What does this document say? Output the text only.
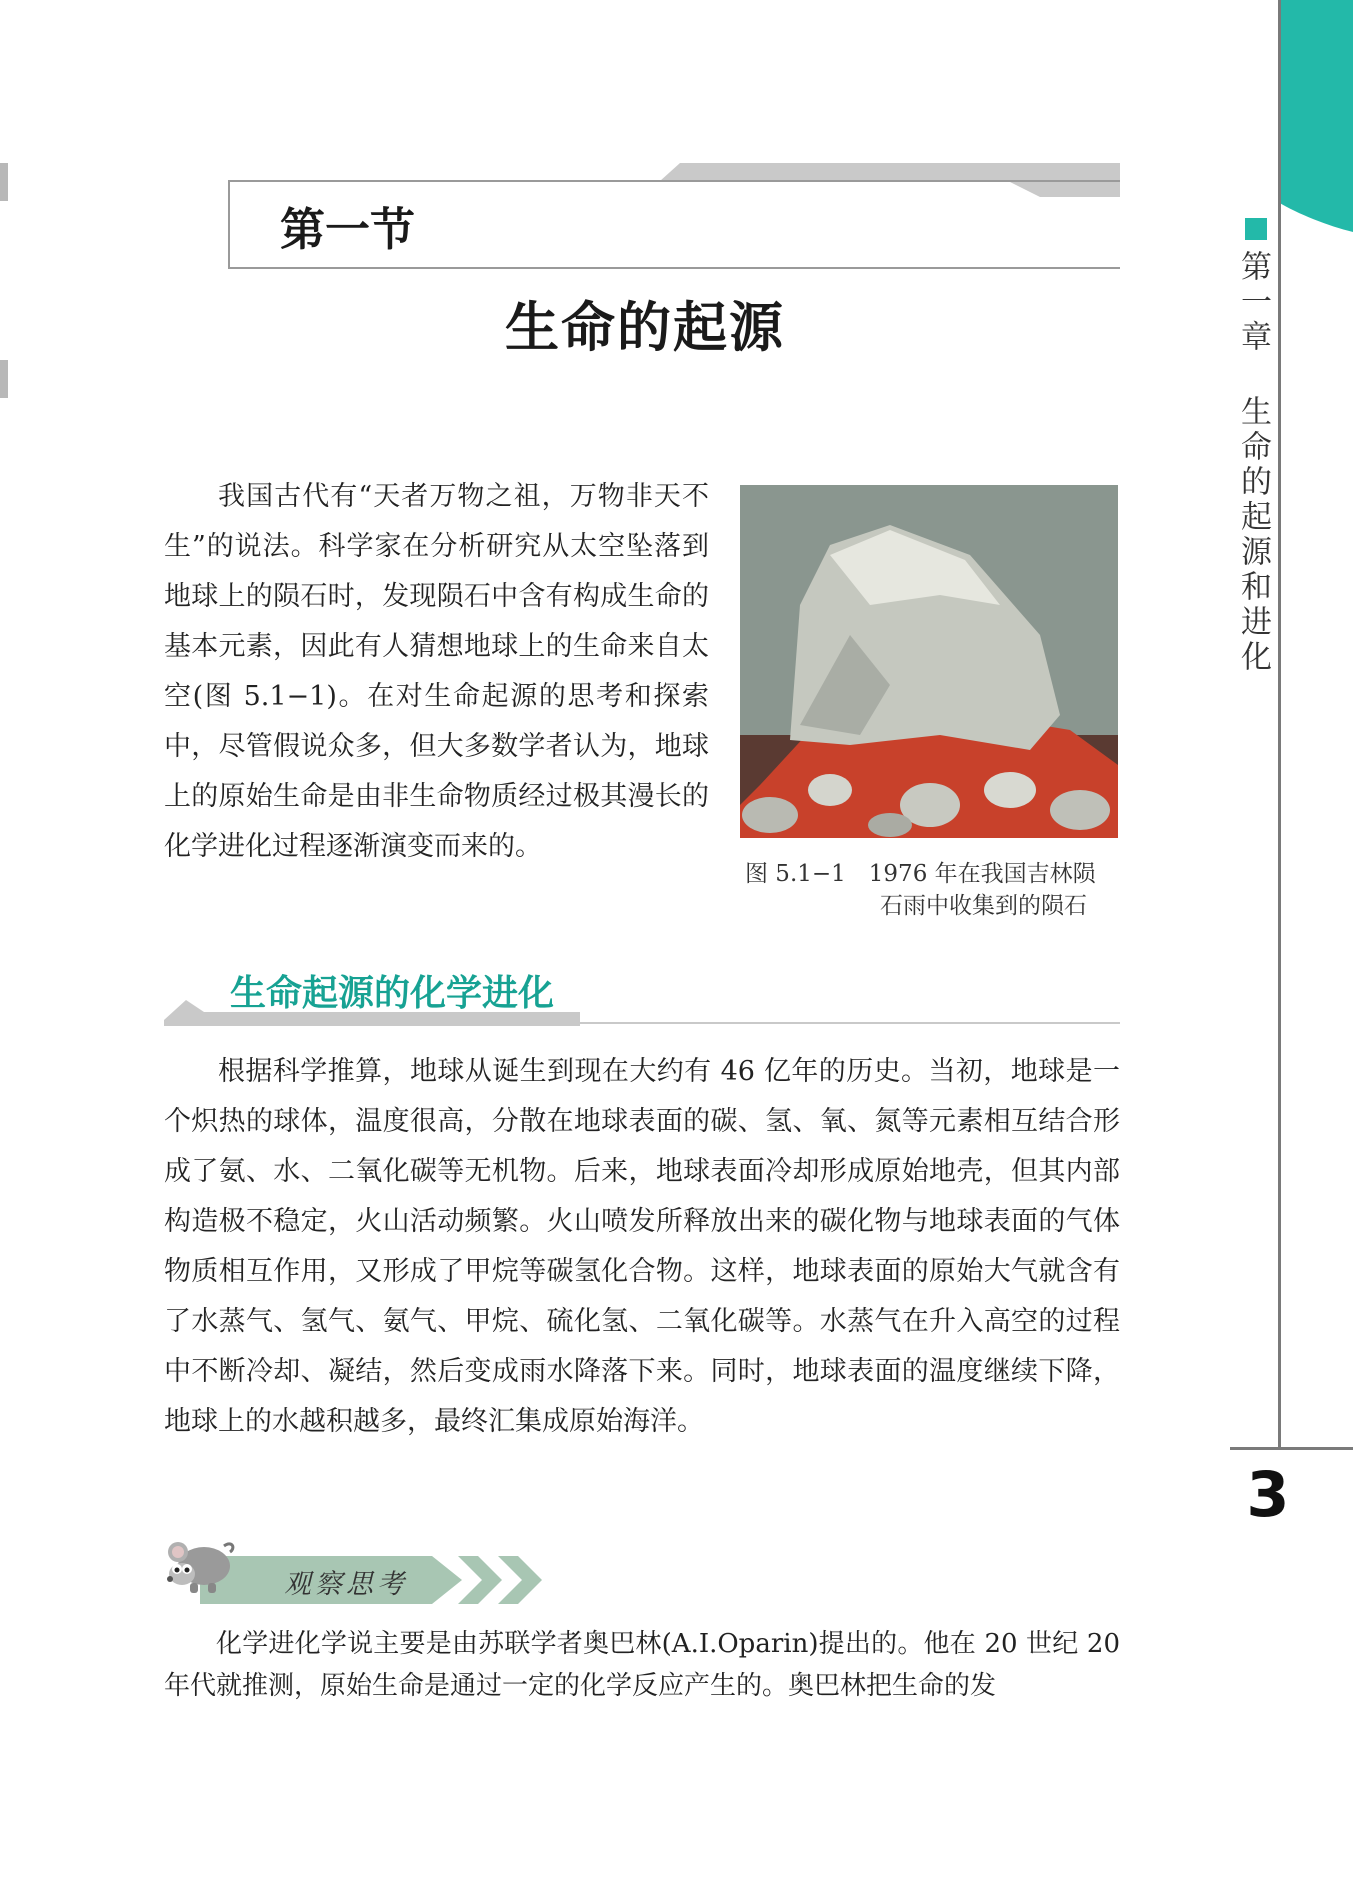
第一章 生命的起源和进化
3
第一节
生命的起源

我国古代有“天者万物之祖，万物非天不生”的说法。科学家在分析研究从太空坠落到地球上的陨石时，发现陨石中含有构成生命的基本元素，因此有人猜想地球上的生命来自太空(图 5.1−1)。在对生命起源的思考和探索中，尽管假说众多，但大多数学者认为，地球上的原始生命是由非生命物质经过极其漫长的化学进化过程逐渐演变而来的。

图 5.1−1　1976 年在我国吉林陨
石雨中收集到的陨石
生命起源的化学进化

根据科学推算，地球从诞生到现在大约有 46 亿年的历史。当初，地球是一个炽热的球体，温度很高，分散在地球表面的碳、氢、氧、氮等元素相互结合形成了氨、水、二氧化碳等无机物。后来，地球表面冷却形成原始地壳，但其内部构造极不稳定，火山活动频繁。火山喷发所释放出来的碳化物与地球表面的气体物质相互作用，又形成了甲烷等碳氢化合物。这样，地球表面的原始大气就含有了水蒸气、氢气、氨气、甲烷、硫化氢、二氧化碳等。水蒸气在升入高空的过程中不断冷却、凝结，然后变成雨水降落下来。同时，地球表面的温度继续下降，地球上的水越积越多，最终汇集成原始海洋。

观察思考

化学进化学说主要是由苏联学者奥巴林(A.I.Oparin)提出的。他在 20 世纪 20 年代就推测，原始生命是通过一定的化学反应产生的。奥巴林把生命的发
